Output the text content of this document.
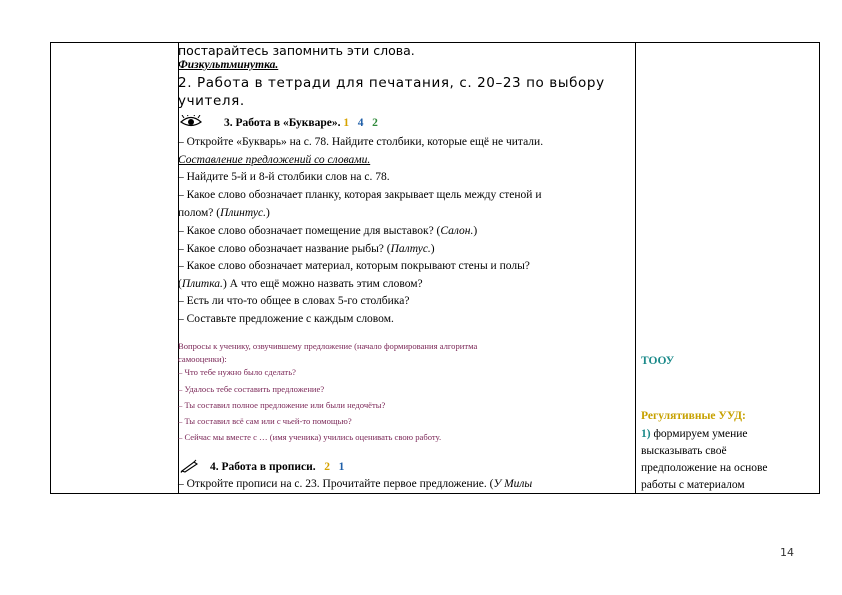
постарайтесь запомнить эти слова.
Физкультминутка.
2. Работа в тетради для печатания, с. 20–23 по выбору
учителя.
3. Работа в «Букваре». 1 4 2
– Откройте «Букварь» на с. 78. Найдите столбики, которые ещё не читали.
Составление предложений со словами.
– Найдите 5-й и 8-й столбики слов на с. 78.
– Какое слово обозначает планку, которая закрывает щель между стеной и
полом? (Плинтус.)
– Какое слово обозначает помещение для выставок? (Салон.)
– Какое слово обозначает название рыбы? (Палтус.)
– Какое слово обозначает материал, которым покрывают стены и полы?
(Плитка.) А что ещё можно назвать этим словом?
– Есть ли что-то общее в словах 5-го столбика?
– Составьте предложение с каждым словом.
Вопросы к ученику, озвучившему предложение (начало формирования алгоритма
самооценки):
– Что тебе нужно было сделать?
– Удалось тебе составить предложение?
– Ты составил полное предложение или были недочёты?
– Ты составил всё сам или с чьей-то помощью?
– Сейчас мы вместе с … (имя ученика) учились оценивать свою работу.
4. Работа в прописи. 2 1
– Откройте прописи на с. 23. Прочитайте первое предложение. (У Милы
ТООУ
Регулятивные УУД:
1) формируем умение
высказывать своё
предположение на основе
работы с материалом
14
